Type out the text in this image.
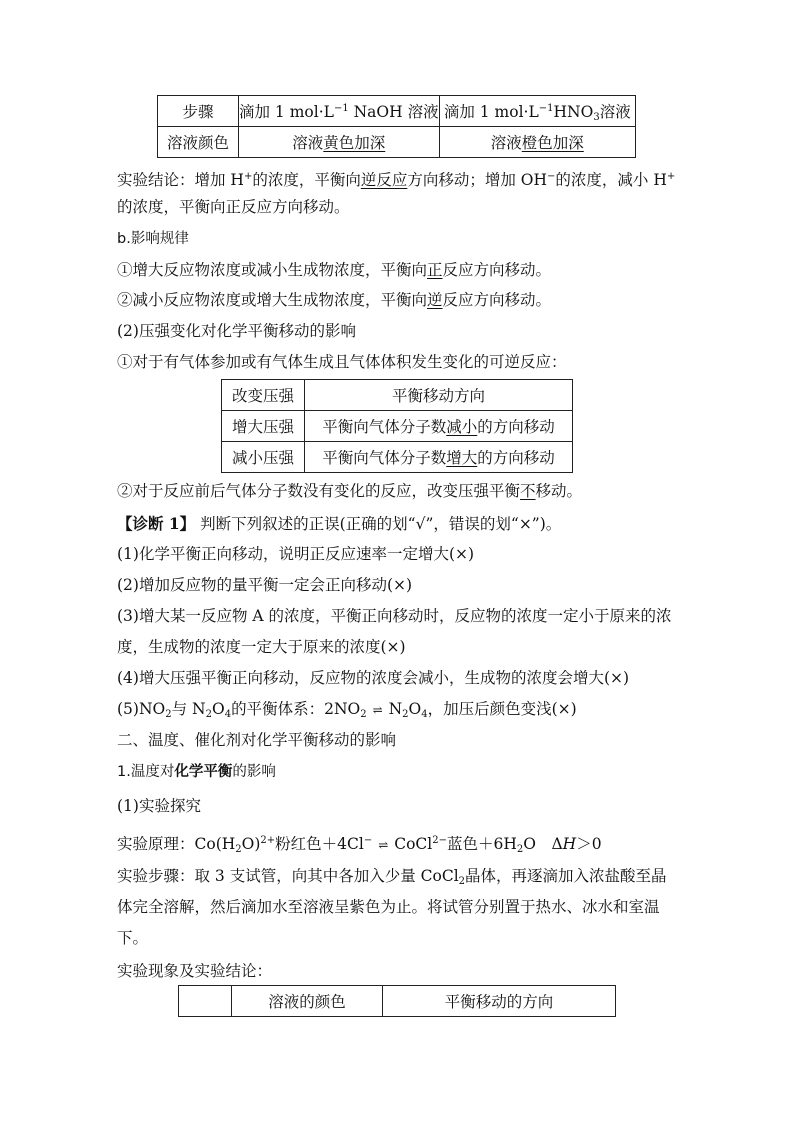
步骤	滴加 1 $mol\cdot L^{-1}$ NaOH 溶液	滴加 1 $mol\cdot L^{-1}HNO_3$溶液
溶液颜色	溶液黄色加深	溶液橙色加深
实验结论：增加 H+的浓度，平衡向逆反应方向移动；增加 OH−的浓度，减小 H+
的浓度，平衡向正反应方向移动。
b.影响规律
①增大反应物浓度或减小生成物浓度，平衡向正反应方向移动。
②减小反应物浓度或增大生成物浓度，平衡向逆反应方向移动。
(2)压强变化对化学平衡移动的影响
①对于有气体参加或有气体生成且气体体积发生变化的可逆反应：
改变压强	平衡移动方向
增大压强	平衡向气体分子数减小的方向移动
减小压强	平衡向气体分子数增大的方向移动
②对于反应前后气体分子数没有变化的反应，改变压强平衡不移动。
【诊断 1】 判断下列叙述的正误(正确的划“√”，错误的划“×”)。
(1)化学平衡正向移动，说明正反应速率一定增大(×)
(2)增加反应物的量平衡一定会正向移动(×)
(3)增大某一反应物 A 的浓度，平衡正向移动时，反应物的浓度一定小于原来的浓
度，生成物的浓度一定大于原来的浓度(×)
(4)增大压强平衡正向移动，反应物的浓度会减小，生成物的浓度会增大(×)
$(5)NO_2$与 $N_2O_4$的平衡体系：$2NO_2$ ⇌ $N_2O_4$，加压后颜色变浅(×)
二、温度、催化剂对化学平衡移动的影响
1.温度对化学平衡的影响
(1)实验探究
实验原理：$Co(H_2O)^{2+}$粉红色＋4Cl− ⇌ CoCl$^{2-}$蓝色$+6H_2O$　ΔH＞0
实验步骤：取 3 支试管，向其中各加入少量 CoCl$_2$晶体，再逐滴加入浓盐酸至晶
体完全溶解，然后滴加水至溶液呈紫色为止。将试管分别置于热水、冰水和室温
下。
实验现象及实验结论：
	溶液的颜色	平衡移动的方向
